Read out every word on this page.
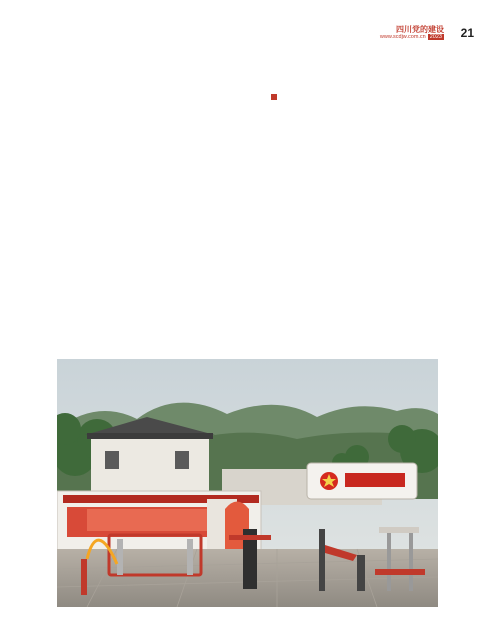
四川党的建设
www.scdjw.com.cn 2023 21
